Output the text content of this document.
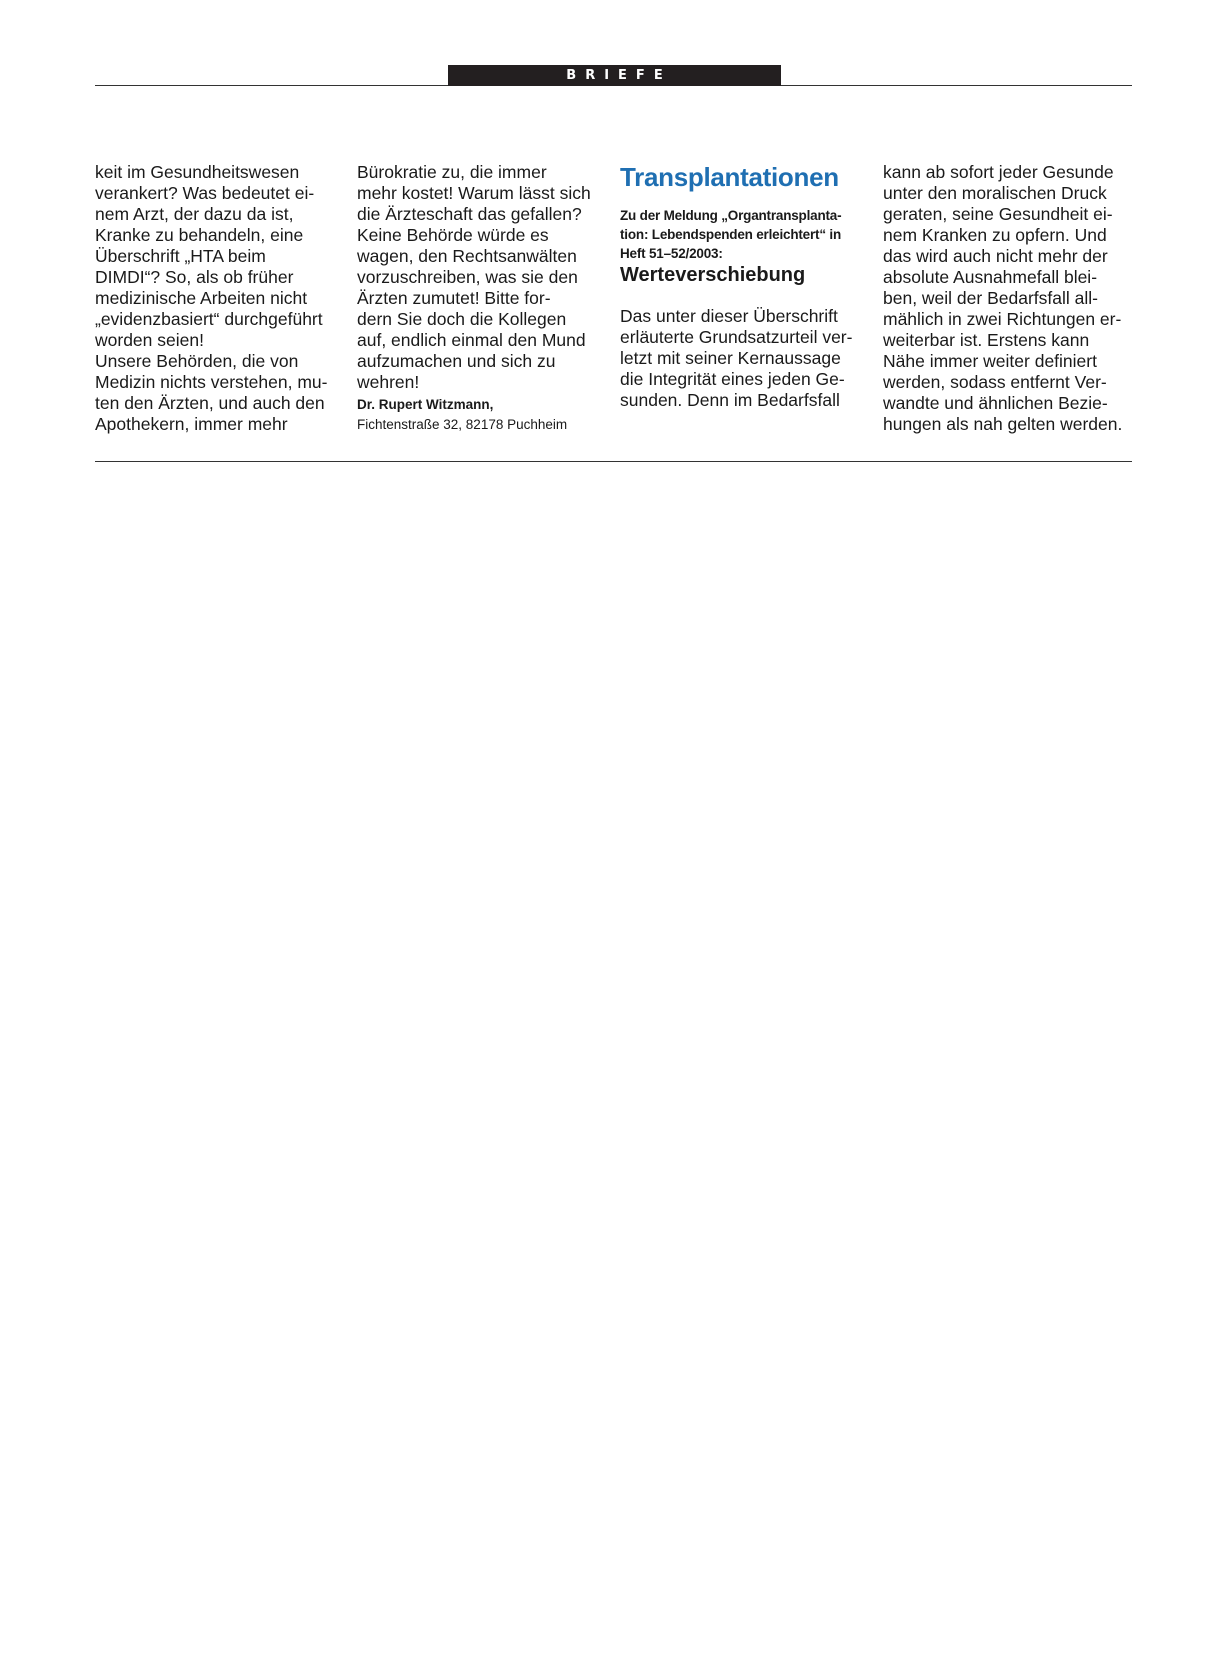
BRIEFE

keit im Gesundheitswesen
verankert? Was bedeutet ei-
nem Arzt, der dazu da ist,
Kranke zu behandeln, eine
Überschrift „HTA beim
DIMDI“? So, als ob früher
medizinische Arbeiten nicht
„evidenzbasiert“ durchgeführt
worden seien!
Unsere Behörden, die von
Medizin nichts verstehen, mu-
ten den Ärzten, und auch den
Apothekern, immer mehr

Bürokratie zu, die immer
mehr kostet! Warum lässt sich
die Ärzteschaft das gefallen?
Keine Behörde würde es
wagen, den Rechtsanwälten
vorzuschreiben, was sie den
Ärzten zumutet! Bitte for-
dern Sie doch die Kollegen
auf, endlich einmal den Mund
aufzumachen und sich zu
wehren!

Dr. Rupert Witzmann,
Fichtenstraße 32, 82178 Puchheim
Transplantationen

Zu der Meldung „Organtransplanta-
tion: Lebendspenden erleichtert“ in
Heft 51–52/2003:

Werteverschiebung

Das unter dieser Überschrift
erläuterte Grundsatzurteil ver-
letzt mit seiner Kernaussage
die Integrität eines jeden Ge-
sunden. Denn im Bedarfsfall

kann ab sofort jeder Gesunde
unter den moralischen Druck
geraten, seine Gesundheit ei-
nem Kranken zu opfern. Und
das wird auch nicht mehr der
absolute Ausnahmefall blei-
ben, weil der Bedarfsfall all-
mählich in zwei Richtungen er-
weiterbar ist. Erstens kann
Nähe immer weiter definiert
werden, sodass entfernt Ver-
wandte und ähnlichen Bezie-
hungen als nah gelten werden.
